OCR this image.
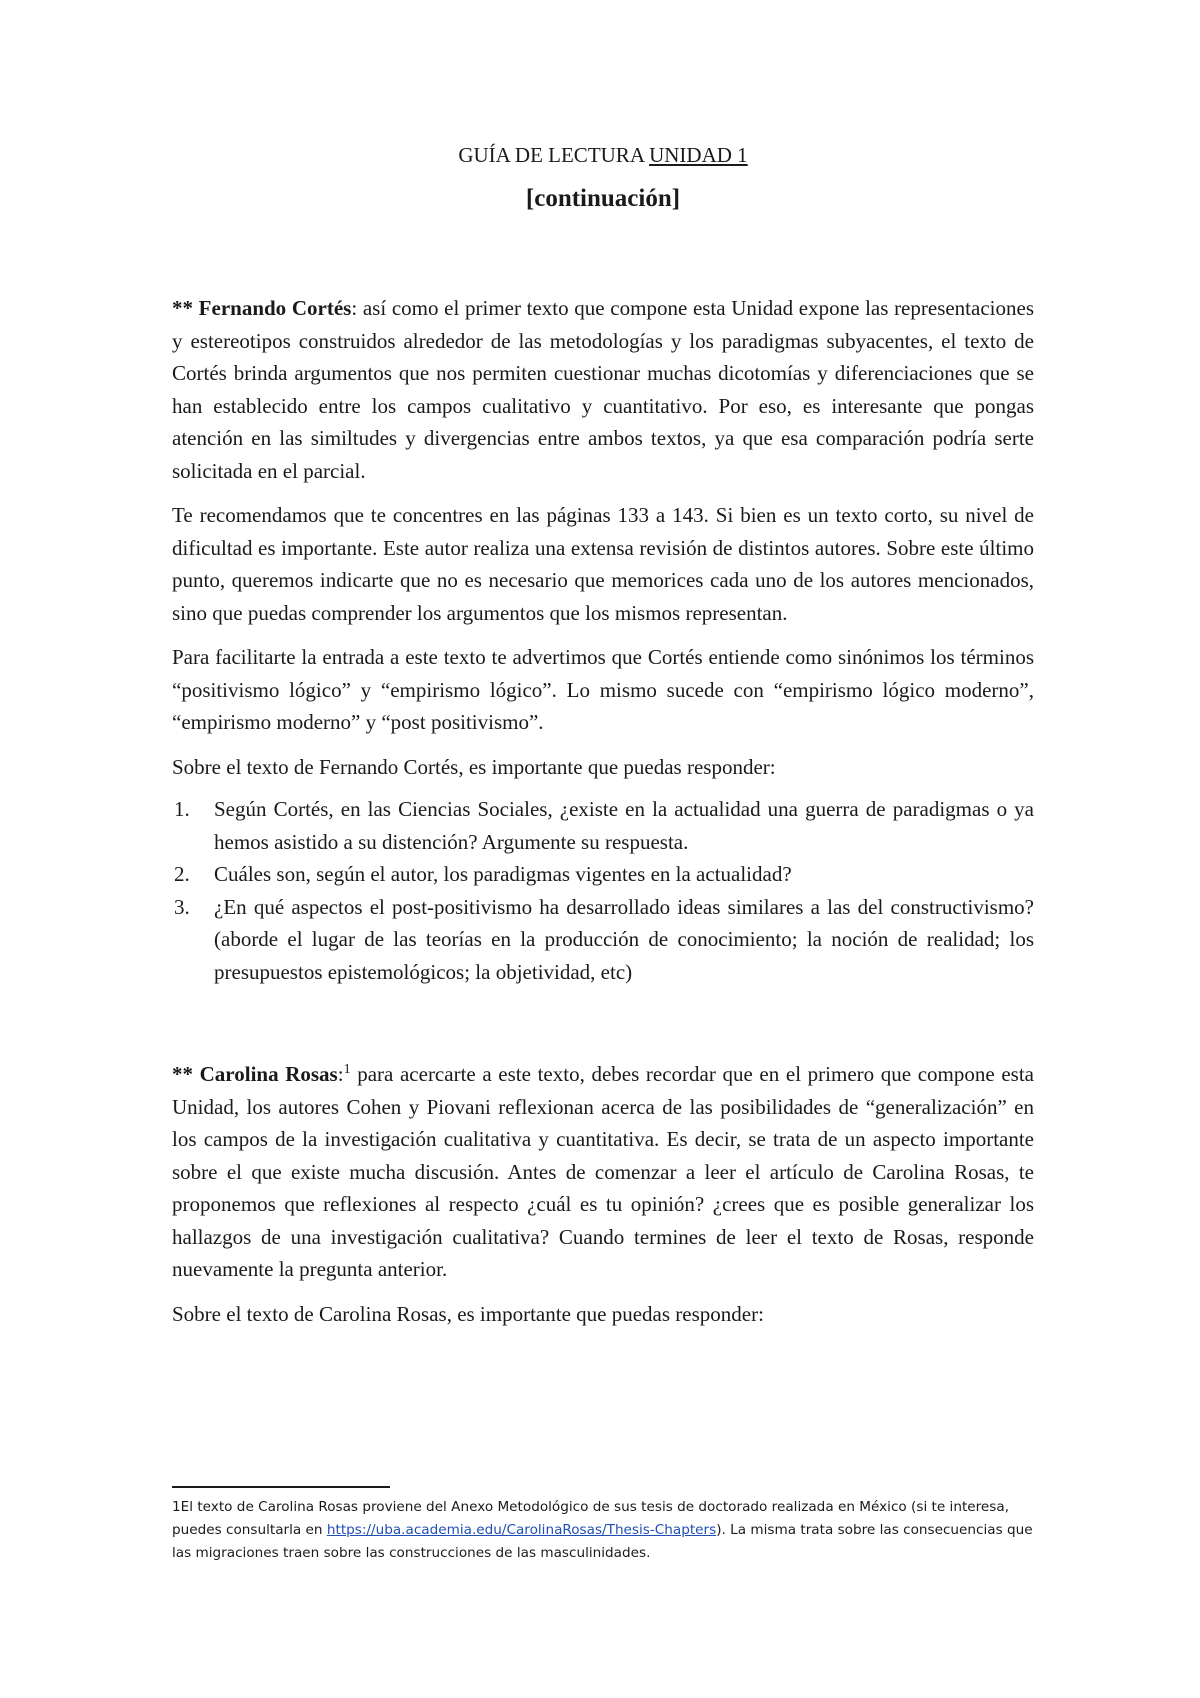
GUÍA DE LECTURA UNIDAD 1
[continuación]

** Fernando Cortés: así como el primer texto que compone esta Unidad expone las representaciones y estereotipos construidos alrededor de las metodologías y los paradigmas subyacentes, el texto de Cortés brinda argumentos que nos permiten cuestionar muchas dicotomías y diferenciaciones que se han establecido entre los campos cualitativo y cuantitativo. Por eso, es interesante que pongas atención en las similtudes y divergencias entre ambos textos, ya que esa comparación podría serte solicitada en el parcial.

Te recomendamos que te concentres en las páginas 133 a 143. Si bien es un texto corto, su nivel de dificultad es importante. Este autor realiza una extensa revisión de distintos autores. Sobre este último punto, queremos indicarte que no es necesario que memorices cada uno de los autores mencionados, sino que puedas comprender los argumentos que los mismos representan.

Para facilitarte la entrada a este texto te advertimos que Cortés entiende como sinónimos los términos “positivismo lógico” y “empirismo lógico”. Lo mismo sucede con “empirismo lógico moderno”, “empirismo moderno” y “post positivismo”.

Sobre el texto de Fernando Cortés, es importante que puedas responder:

1. Según Cortés, en las Ciencias Sociales, ¿existe en la actualidad una guerra de paradigmas o ya hemos asistido a su distención? Argumente su respuesta.
2. Cuáles son, según el autor, los paradigmas vigentes en la actualidad?
3. ¿En qué aspectos el post-positivismo ha desarrollado ideas similares a las del constructivismo? (aborde el lugar de las teorías en la producción de conocimiento; la noción de realidad; los presupuestos epistemológicos; la objetividad, etc)

** Carolina Rosas:$^1$ para acercarte a este texto, debes recordar que en el primero que compone esta Unidad, los autores Cohen y Piovani reflexionan acerca de las posibilidades de “generalización” en los campos de la investigación cualitativa y cuantitativa. Es decir, se trata de un aspecto importante sobre el que existe mucha discusión. Antes de comenzar a leer el artículo de Carolina Rosas, te proponemos que reflexiones al respecto ¿cuál es tu opinión? ¿crees que es posible generalizar los hallazgos de una investigación cualitativa? Cuando termines de leer el texto de Rosas, responde nuevamente la pregunta anterior.

Sobre el texto de Carolina Rosas, es importante que puedas responder:

1El texto de Carolina Rosas proviene del Anexo Metodológico de sus tesis de doctorado realizada en México (si te interesa, puedes consultarla en https://uba.academia.edu/CarolinaRosas/Thesis-Chapters). La misma trata sobre las consecuencias que las migraciones traen sobre las construcciones de las masculinidades.
